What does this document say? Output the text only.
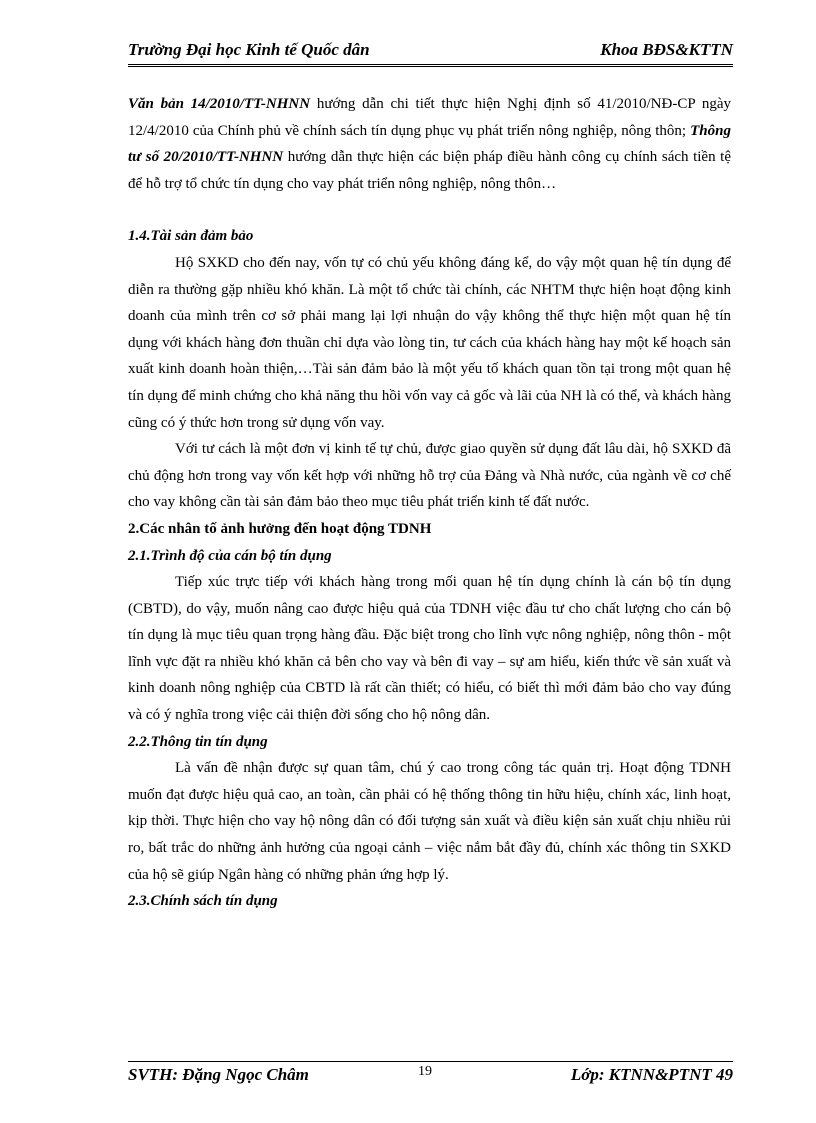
Trường Đại học Kinh tế Quốc dân	Khoa BĐS&KTTN

Văn bản 14/2010/TT-NHNN hướng dẫn chi tiết thực hiện Nghị định số 41/2010/NĐ-CP ngày 12/4/2010 của Chính phủ về chính sách tín dụng phục vụ phát triển nông nghiệp, nông thôn; Thông tư số 20/2010/TT-NHNN hướng dẫn thực hiện các biện pháp điều hành công cụ chính sách tiền tệ để hỗ trợ tổ chức tín dụng cho vay phát triển nông nghiệp, nông thôn…

1.4.Tài sản đảm bảo

Hộ SXKD cho đến nay, vốn tự có chủ yếu không đáng kể, do vậy một quan hệ tín dụng để diễn ra thường gặp nhiều khó khăn. Là một tổ chức tài chính, các NHTM thực hiện hoạt động kinh doanh của mình trên cơ sở phải mang lại lợi nhuận do vậy không thể thực hiện một quan hệ tín dụng với khách hàng đơn thuần chỉ dựa vào lòng tin, tư cách của khách hàng hay một kế hoạch sản xuất kinh doanh hoàn thiện,…Tài sản đảm bảo là một yếu tố khách quan tồn tại trong một quan hệ tín dụng để minh chứng cho khả năng thu hồi vốn vay cả gốc và lãi của NH là có thể, và khách hàng cũng có ý thức hơn trong sử dụng vốn vay.

Với tư cách là một đơn vị kinh tế tự chủ, được giao quyền sử dụng đất lâu dài, hộ SXKD đã chủ động hơn trong vay vốn kết hợp với những hỗ trợ của Đảng và Nhà nước, của ngành về cơ chế cho vay không cần tài sản đảm bảo theo mục tiêu phát triển kinh tế đất nước.

2.Các nhân tố ảnh hưởng đến hoạt động TDNH
2.1.Trình độ của cán bộ tín dụng

Tiếp xúc trực tiếp với khách hàng trong mối quan hệ tín dụng chính là cán bộ tín dụng (CBTD), do vậy, muốn nâng cao được hiệu quả của TDNH việc đầu tư cho chất lượng cho cán bộ tín dụng là mục tiêu quan trọng hàng đầu. Đặc biệt trong cho lĩnh vực nông nghiệp, nông thôn - một lĩnh vực đặt ra nhiều khó khăn cả bên cho vay và bên đi vay – sự am hiểu, kiến thức về sản xuất và kinh doanh nông nghiệp của CBTD là rất cần thiết; có hiểu, có biết thì mới đảm bảo cho vay đúng và có ý nghĩa trong việc cải thiện đời sống cho hộ nông dân.

2.2.Thông tin tín dụng

Là vấn đề nhận được sự quan tâm, chú ý cao trong công tác quản trị. Hoạt động TDNH muốn đạt được hiệu quả cao, an toàn, cần phải có hệ thống thông tin hữu hiệu, chính xác, linh hoạt, kịp thời. Thực hiện cho vay hộ nông dân có đối tượng sản xuất và điều kiện sản xuất chịu nhiều rủi ro, bất trắc do những ảnh hưởng của ngoại cảnh – việc nắm bắt đầy đủ, chính xác thông tin SXKD của hộ sẽ giúp Ngân hàng có những phản ứng hợp lý.

2.3.Chính sách tín dụng
SVTH: Đặng Ngọc Châm	19	Lớp: KTNN&PTNT 49
